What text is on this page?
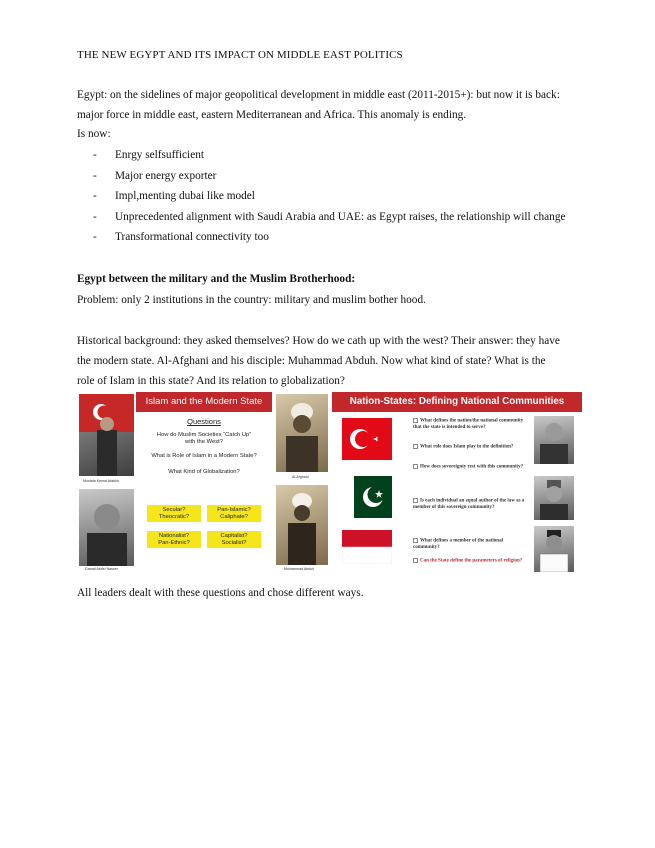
THE NEW EGYPT AND ITS IMPACT ON MIDDLE EAST POLITICS
Egypt: on the sidelines of major geopolitical development in middle east (2011-2015+): but now it is back:
major force in middle east, eastern Mediterranean and Africa. This anomaly is ending.
Is now:
- Enrgy selfsufficient
- Major energy exporter
- Impl,menting dubai like model
- Unprecedented alignment with Saudi Arabia and UAE: as Egypt raises, the relationship will change
- Transformational connectivity too
Egypt between the military and the Muslim Brotherhood:
Problem: only 2 institutions in the country: military and muslim bother hood.
Historical background: they asked themselves? How do we cath up with the west? Their answer: they have
the modern state. Al-Afghani and his disciple: Muhammad Abduh. Now what kind of state? What is the
role of Islam in this state? And its relation to globalization?
Mustafa Kemal Atatürk
Gamal Abdel Nasser
Islam and the Modern State
Questions
How do Muslim Societies “Catch Up”
with the West?
What is Role of Islam in a Modern State?
What Kind of Globalization?
Secular?
Theocratic?
Pan-Islamic?
Caliphate?
Nationalist?
Pan-Ethnic?
Capitalist?
Socialist?
Al-Afghani
Muhammad Abduh
Nation-States: Defining National Communities
What defines the nation/the national community that the state is intended to serve?
What role does Islam play in the definition?
How does sovereignty rest with this community?
Is each individual an equal author of the law as a member of this sovereign community?
What defines a member of the national community?
Can the State define the parameters of religion?
All leaders dealt with these questions and chose different ways.
